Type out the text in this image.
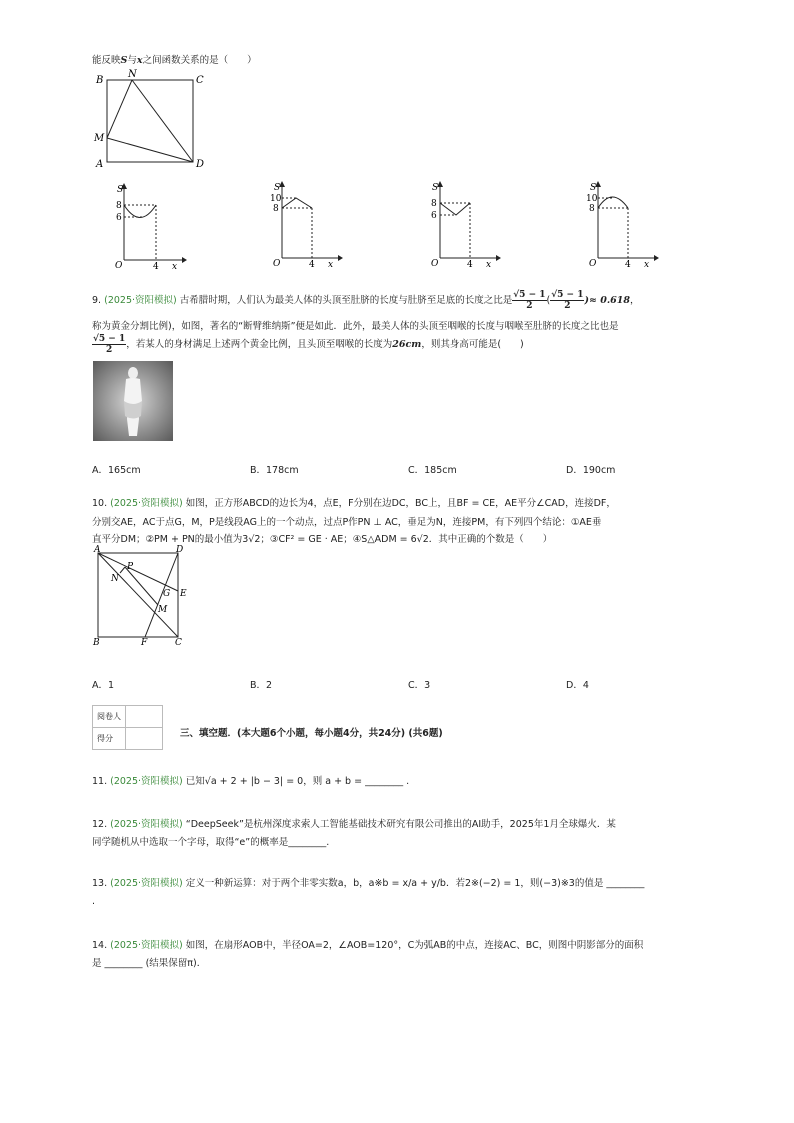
能反映S与x之间函数关系的是（　　）
B
N
C
M
A	D
S
8
6
O	4 x
S
10
8
O	4 x
S
8
6
O	4 x
S
10
8
O	4 x
9. (2025·资阳模拟) 古希腊时期，人们认为最美人体的头顶至肚脐的长度与肚脐至足底的长度之比是 $\frac{√5 - 1}{2}$ ( $\frac{√5 - 1}{2}$ )≈ 0.618，
称为黄金分割比例)，如图，著名的“断臂维纳斯”便是如此．此外，最美人体的头顶至咽喉的长度与咽喉至肚脐的长度之比也是
$\frac{√5 - 1}{2}$ ，若某人的身材满足上述两个黄金比例，且头顶至咽喉的长度为26cm，则其身高可能是(　　)
A．165cm	B．178cm	C．185cm	D．190cm
10. (2025·资阳模拟) 如图，正方形ABCD的边长为4，点E，F分别在边DC，BC上，且BF = CE，AE平分∠CAD，连接DF，
分别交AE，AC于点G，M，P是线段AG上的一个动点，过点P作PN ⊥ AC，垂足为N，连接PM，有下列四个结论：①AE垂
直平分DM；②PM + PN的最小值为3√2；③CF² = GE · AE；④S△ADM = 6√2．其中正确的个数是（　　）
A	D
P
N
E
G
M
B	F	C
A．1	B．2	C．3	D．4
阅卷人	
得分		三、填空题．(本大题6个小题，每小题4分，共24分) (共6题)
11. (2025·资阳模拟) 已知√a + 2 + |b − 3| = 0，则 a + b = ________ .
12. (2025·资阳模拟) “DeepSeek”是杭州深度求索人工智能基础技术研究有限公司推出的AI助手，2025年1月全球爆火．某
同学随机从中选取一个字母，取得“e”的概率是________.
13. (2025·资阳模拟) 定义一种新运算：对于两个非零实数a，b，a※b = x/a + y/b．若2※(−2) = 1，则(−3)※3的值是 ________
.
14. (2025·资阳模拟) 如图，在扇形AOB中，半径OA=2，∠AOB=120°，C为弧AB的中点，连接AC、BC，则图中阴影部分的面积
是 ________ (结果保留π)．
